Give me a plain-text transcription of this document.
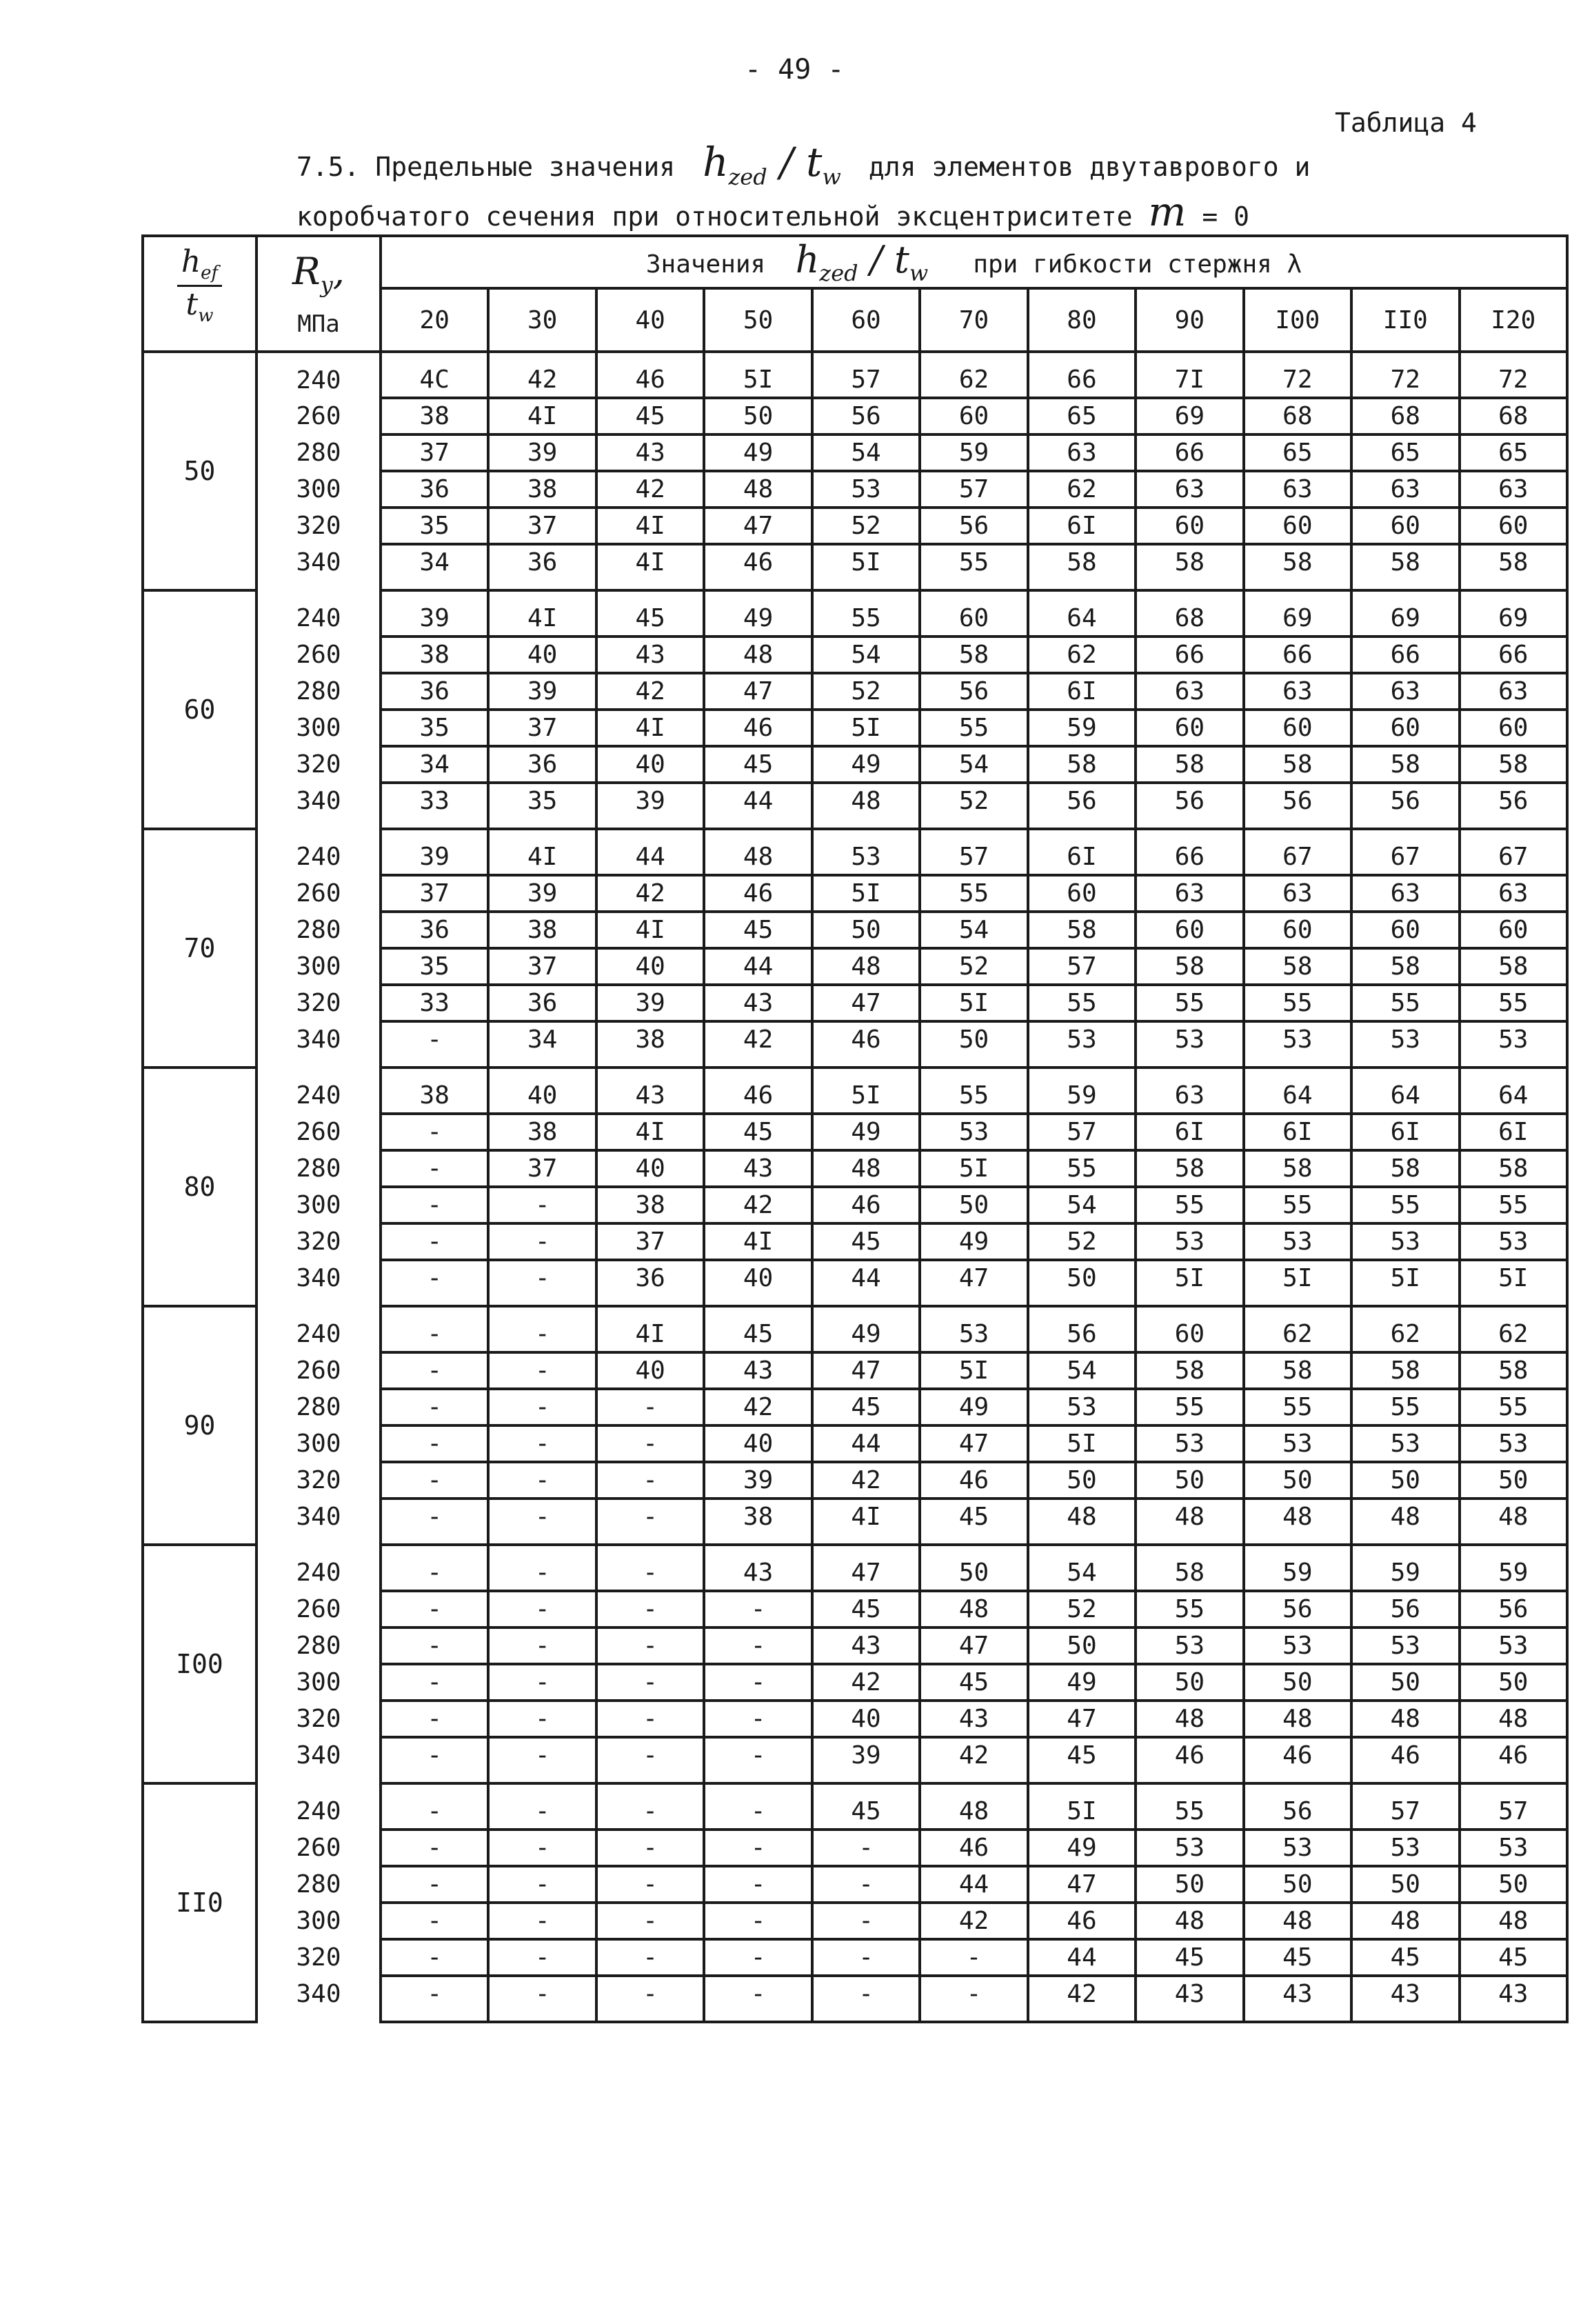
- 49 -
Таблица 4
7.5. Предельные значения $h_{zed} / t_w$ для элементов двутаврового и
коробчатого сечения при относительной эксцентриситете m = 0
$\frac{h_{ef}}{t_w}$	$R_y$,
МПа	Значения $h_{zed} / t_w$ при гибкости стержня λ										
		20	30	40	50	60	70	80	90	I00	II0	I20
50	240	4C	42	46	5I	57	62	66	7I	72	72	72
	260	38	4I	45	50	56	60	65	69	68	68	68
	280	37	39	43	49	54	59	63	66	65	65	65
	300	36	38	42	48	53	57	62	63	63	63	63
	320	35	37	4I	47	52	56	6I	60	60	60	60
	340	34	36	4I	46	5I	55	58	58	58	58	58
60	240	39	4I	45	49	55	60	64	68	69	69	69
	260	38	40	43	48	54	58	62	66	66	66	66
	280	36	39	42	47	52	56	6I	63	63	63	63
	300	35	37	4I	46	5I	55	59	60	60	60	60
	320	34	36	40	45	49	54	58	58	58	58	58
	340	33	35	39	44	48	52	56	56	56	56	56
70	240	39	4I	44	48	53	57	6I	66	67	67	67
	260	37	39	42	46	5I	55	60	63	63	63	63
	280	36	38	4I	45	50	54	58	60	60	60	60
	300	35	37	40	44	48	52	57	58	58	58	58
	320	33	36	39	43	47	5I	55	55	55	55	55
	340	-	34	38	42	46	50	53	53	53	53	53
80	240	38	40	43	46	5I	55	59	63	64	64	64
	260	-	38	4I	45	49	53	57	6I	6I	6I	6I
	280	-	37	40	43	48	5I	55	58	58	58	58
	300	-	-	38	42	46	50	54	55	55	55	55
	320	-	-	37	4I	45	49	52	53	53	53	53
	340	-	-	36	40	44	47	50	5I	5I	5I	5I
90	240	-	-	4I	45	49	53	56	60	62	62	62
	260	-	-	40	43	47	5I	54	58	58	58	58
	280	-	-	-	42	45	49	53	55	55	55	55
	300	-	-	-	40	44	47	5I	53	53	53	53
	320	-	-	-	39	42	46	50	50	50	50	50
	340	-	-	-	38	4I	45	48	48	48	48	48
I00	240	-	-	-	43	47	50	54	58	59	59	59
	260	-	-	-	-	45	48	52	55	56	56	56
	280	-	-	-	-	43	47	50	53	53	53	53
	300	-	-	-	-	42	45	49	50	50	50	50
	320	-	-	-	-	40	43	47	48	48	48	48
	340	-	-	-	-	39	42	45	46	46	46	46
II0	240	-	-	-	-	45	48	5I	55	56	57	57
	260	-	-	-	-	-	46	49	53	53	53	53
	280	-	-	-	-	-	44	47	50	50	50	50
	300	-	-	-	-	-	42	46	48	48	48	48
	320	-	-	-	-	-	-	44	45	45	45	45
	340	-	-	-	-	-	-	42	43	43	43	43
